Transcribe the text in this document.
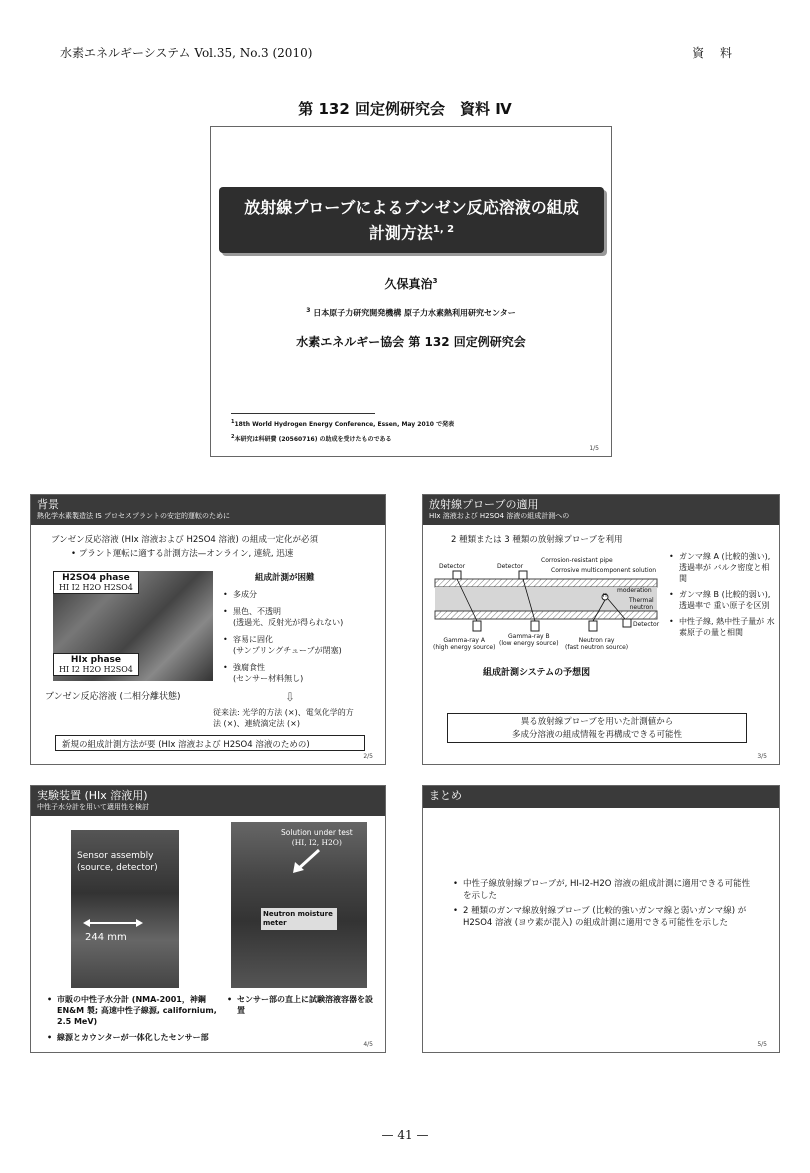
水素エネルギーシステム Vol.35, No.3 (2010)	資 料
第 132 回定例研究会　資料 Ⅳ
放射線プローブによるブンゼン反応溶液の組成
計測方法$^{1, 2}$
久保真治$^3$
$^3$ 日本原子力研究開発機構 原子力水素熱利用研究センター
水素エネルギー協会 第 132 回定例研究会
$^1$18th World Hydrogen Energy Conference, Essen, May 2010 で発表
$^2$本研究は科研費 (20560716) の助成を受けたものである
1/5
背景
熱化学水素製造法 IS プロセスプラントの安定的運転のために
ブンゼン反応溶液 (HIx 溶液および H2SO4 溶液) の組成一定化が必須
• プラント運転に適する計測方法—オンライン, 連続, 迅速
H2SO4 phase
HI I2 H2O H2SO4
HIx phase
HI I2 H2O H2SO4
ブンゼン反応溶液 (二相分離状態)
組成計測が困難
• 多成分
• 黒色、不透明
(透過光、反射光が得られない)
• 容易に固化
(サンプリングチューブが閉塞)
• 強腐食性
(センサー材料無し)
⇩
従来法: 光学的方法 (×)、電気化学的方
法 (×)、連続滴定法 (×)
新規の組成計測方法が要 (HIx 溶液および H2SO4 溶液のための)
2/5
放射線プローブの適用
HIx 溶液および H2SO4 溶液の組成計測への
2 種類または 3 種類の放射線プローブを利用
Detector	Detector
Corrosion-resistant pipe
Corrosive multicomponent solution
moderation
H
Thermal
neutron
Detector
Gamma-ray A
(high energy source)
Gamma-ray B
(low energy source)	Neutron ray
(fast neutron source)
組成計測システムの予想図
• ガンマ線 A (比較的強い), 透過率が バルク密度と相関
• ガンマ線 B (比較的弱い), 透過率で 重い原子を区別
• 中性子線, 熱中性子量が 水素原子の量と相関
異る放射線プローブを用いた計測値から
多成分溶液の組成情報を再構成できる可能性
3/5
実験装置 (HIx 溶液用)
中性子水分計を用いて適用性を検討
Sensor assembly
(source, detector)
244 mm
Solution under test
(HI, I2, H2O)
Neutron moisture meter
• 市販の中性子水分計 (NMA-2001，神鋼 EN&M 製; 高速中性子線源, californium, 2.5 MeV)
• 線源とカウンターが一体化したセンサー部
• センサー部の直上に試験溶液容器を設置
4/5
まとめ
• 中性子線放射線プローブが, HI-I2-H2O 溶液の組成計測に適用できる可能性を示した
• 2 種類のガンマ線放射線プローブ (比較的強いガンマ線と弱いガンマ線) が H2SO4 溶液 (ヨウ素が混入) の組成計測に適用できる可能性を示した
5/5
— 41 —
